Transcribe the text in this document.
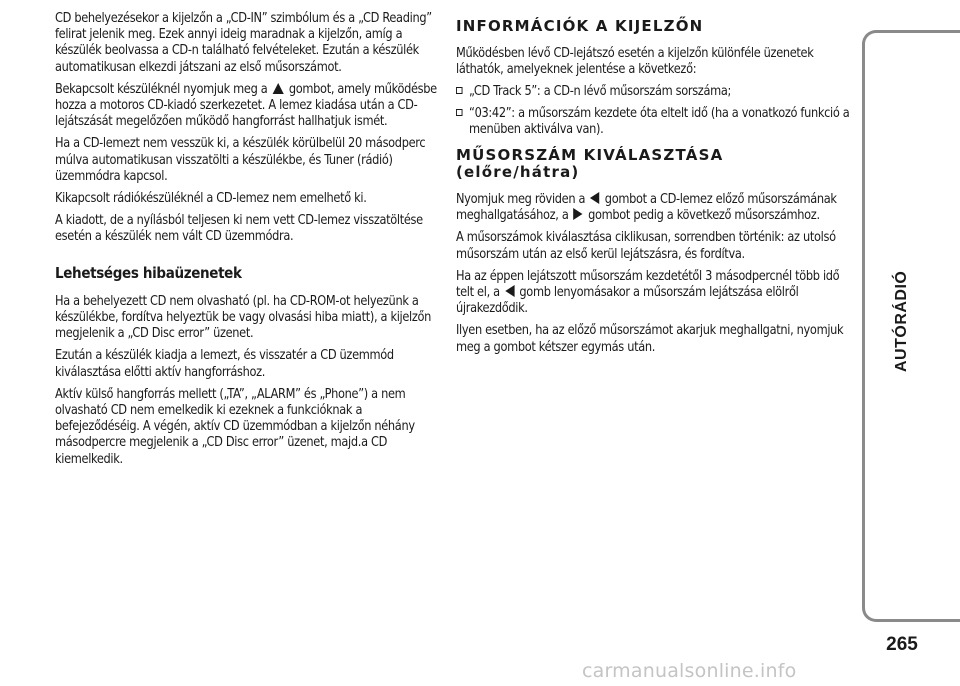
CD behelyezésekor a kijelzőn a „CD-IN” szimbólum és a „CD Reading” felirat jelenik meg. Ezek annyi ideig maradnak a kijelzőn, amíg a készülék beolvassa a CD-n található felvételeket. Ezután a készülék automatikusan elkezdi játszani az első műsorszámot.

Bekapcsolt készüléknél nyomjuk meg a gombot, amely működésbe hozza a motoros CD-kiadó szerkezetet. A lemez kiadása után a CD-lejátszását megelőzően működő hangforrást hallhatjuk ismét.

Ha a CD-lemezt nem vesszük ki, a készülék körülbelül 20 másodperc múlva automatikusan visszatölti a készülékbe, és Tuner (rádió) üzemmódra kapcsol.

Kikapcsolt rádiókészüléknél a CD-lemez nem emelhető ki.

A kiadott, de a nyílásból teljesen ki nem vett CD-lemez visszatöltése esetén a készülék nem vált CD üzemmódra.

Lehetséges hibaüzenetek

Ha a behelyezett CD nem olvasható (pl. ha CD-ROM-ot helyezünk a készülékbe, fordítva helyeztük be vagy olvasási hiba miatt), a kijelzőn megjelenik a „CD Disc error” üzenet.

Ezután a készülék kiadja a lemezt, és visszatér a CD üzemmód kiválasztása előtti aktív hangforráshoz.

Aktív külső hangforrás mellett („TA”, „ALARM” és „Phone”) a nem olvasható CD nem emelkedik ki ezeknek a funkcióknak a befejeződéséig. A végén, aktív CD üzemmódban a kijelzőn néhány másodpercre megjelenik a „CD Disc error” üzenet, majd.a CD kiemelkedik.

INFORMÁCIÓK A KIJELZŐN

Működésben lévő CD-lejátszó esetén a kijelzőn különféle üzenetek láthatók, amelyeknek jelentése a következő:

„CD Track 5”: a CD-n lévő műsorszám sorszáma;
“03:42”: a műsorszám kezdete óta eltelt idő (ha a vonatkozó funkció a menüben aktiválva van).
MŰSORSZÁM KIVÁLASZTÁSA
(előre/hátra)

Nyomjuk meg röviden a gombot a CD-lemez előző műsorszámának meghallgatásához, a gombot pedig a következő műsorszámhoz.

A műsorszámok kiválasztása ciklikusan, sorrendben történik: az utolsó műsorszám után az első kerül lejátszásra, és fordítva.

Ha az éppen lejátszott műsorszám kezdetétől 3 másodpercnél több idő telt el, a gomb lenyomásakor a műsorszám lejátszása elölről újrakezdődik.

Ilyen esetben, ha az előző műsorszámot akarjuk meghallgatni, nyomjuk meg a gombot kétszer egymás után.	AUTÓRÁDIÓ
265
carmanualsonline.info
